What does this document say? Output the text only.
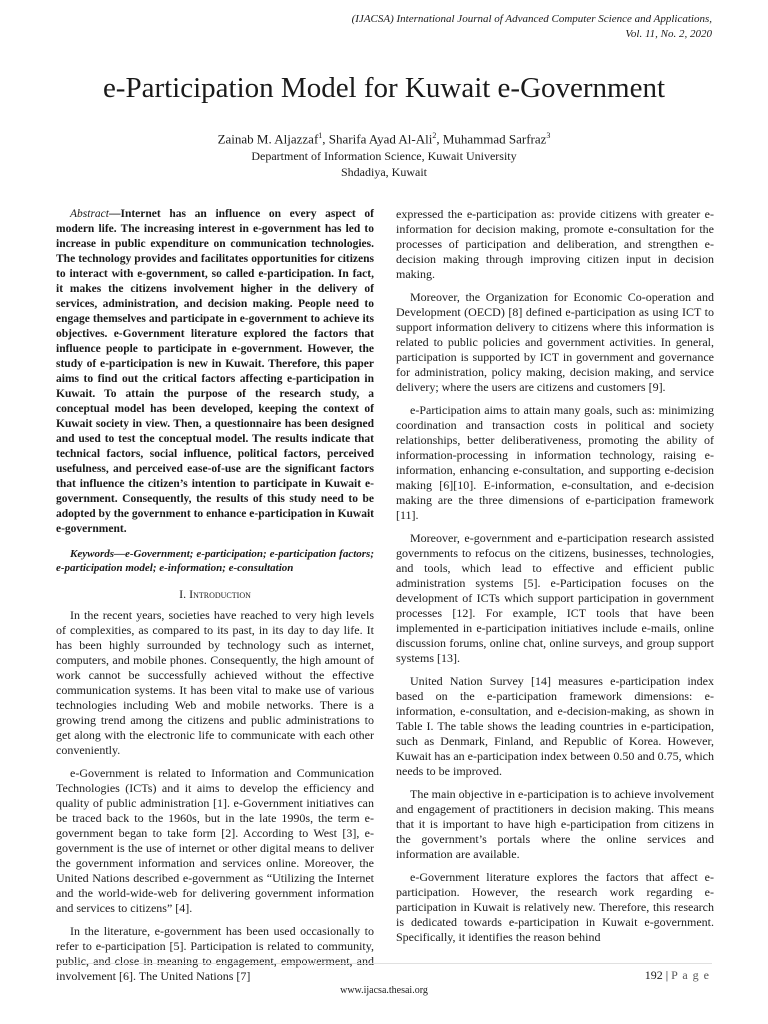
(IJACSA) International Journal of Advanced Computer Science and Applications,
Vol. 11, No. 2, 2020
e-Participation Model for Kuwait e-Government
Zainab M. Aljazzaf$^1$, Sharifa Ayad Al-Ali$^2$, Muhammad Sarfraz$^3$
Department of Information Science, Kuwait University
Shdadiya, Kuwait

Abstract—Internet has an influence on every aspect of modern life. The increasing interest in e-government has led to increase in public expenditure on communication technologies. The technology provides and facilitates opportunities for citizens to interact with e-government, so called e-participation. In fact, it makes the citizens involvement higher in the delivery of services, administration, and decision making. People need to engage themselves and participate in e-government to achieve its objectives. e-Government literature explored the factors that influence people to participate in e-government. However, the study of e-participation is new in Kuwait. Therefore, this paper aims to find out the critical factors affecting e-participation in Kuwait. To attain the purpose of the research study, a conceptual model has been developed, keeping the context of Kuwait society in view. Then, a questionnaire has been designed and used to test the conceptual model. The results indicate that technical factors, social influence, political factors, perceived usefulness, and perceived ease-of-use are the significant factors that influence the citizen’s intention to participate in Kuwait e-government. Consequently, the results of this study need to be adopted by the government to enhance e-participation in Kuwait e-government.

Keywords—e-Government; e-participation; e-participation factors; e-participation model; e-information; e-consultation

I. Introduction

In the recent years, societies have reached to very high levels of complexities, as compared to its past, in its day to day life. It has been highly surrounded by technology such as internet, computers, and mobile phones. Consequently, the high amount of work cannot be successfully achieved without the effective communication systems. It has been vital to make use of various technologies including Web and mobile networks. There is a growing trend among the citizens and public administrations to get along with the electronic life to communicate with each other conveniently.

e-Government is related to Information and Communication Technologies (ICTs) and it aims to develop the efficiency and quality of public administration [1]. e-Government initiatives can be traced back to the 1960s, but in the late 1990s, the term e-government began to take form [2]. According to West [3], e-government is the use of internet or other digital means to deliver the government information and services online. Moreover, the United Nations described e-government as “Utilizing the Internet and the world-wide-web for delivering government information and services to citizens” [4].

In the literature, e-government has been used occasionally to refer to e-participation [5]. Participation is related to community, public, and close in meaning to engagement, empowerment, and involvement [6]. The United Nations [7]

expressed the e-participation as: provide citizens with greater e-information for decision making, promote e-consultation for the processes of participation and deliberation, and strengthen e-decision making through improving citizen input in decision making.

Moreover, the Organization for Economic Co-operation and Development (OECD) [8] defined e-participation as using ICT to support information delivery to citizens where this information is related to public policies and government activities. In general, participation is supported by ICT in government and governance for administration, policy making, decision making, and service delivery; where the users are citizens and customers [9].

e-Participation aims to attain many goals, such as: minimizing coordination and transaction costs in political and society relationships, better deliberativeness, promoting the ability of information-processing in information technology, raising e-information, enhancing e-consultation, and supporting e-decision making [6][10]. E-information, e-consultation, and e-decision making are the three dimensions of e-participation framework [11].

Moreover, e-government and e-participation research assisted governments to refocus on the citizens, businesses, technologies, and tools, which lead to effective and efficient public administration systems [5]. e-Participation focuses on the development of ICTs which support participation in government processes [12]. For example, ICT tools that have been implemented in e-participation initiatives include e-mails, online discussion forums, online chat, online surveys, and group support systems [13].

United Nation Survey [14] measures e-participation index based on the e-participation framework dimensions: e-information, e-consultation, and e-decision-making, as shown in Table I. The table shows the leading countries in e-participation, such as Denmark, Finland, and Republic of Korea. However, Kuwait has an e-participation index between 0.50 and 0.75, which needs to be improved.

The main objective in e-participation is to achieve involvement and engagement of practitioners in decision making. This means that it is important to have high e-participation from citizens in the government’s portals where the online services and information are available.

e-Government literature explores the factors that affect e-participation. However, the research work regarding e-participation in Kuwait is relatively new. Therefore, this research is dedicated towards e-participation in Kuwait e-government. Specifically, it identifies the reason behind

192 | P a g e
www.ijacsa.thesai.org
